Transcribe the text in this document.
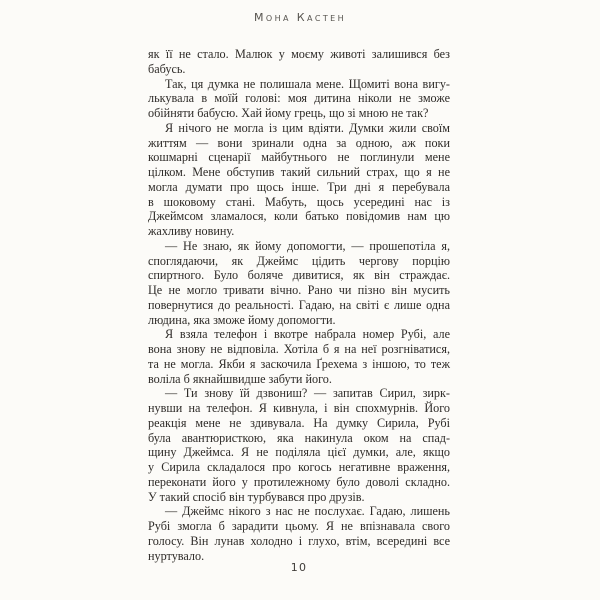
Мона Кастен
як її не стало. Малюк у моєму животі залишився без
бабусь.
Так, ця думка не полишала мене. Щомиті вона вигу-
лькувала в моїй голові: моя дитина ніколи не зможе
обійняти бабусю. Хай йому грець, що зі мною не так?
Я нічого не могла із цим вдіяти. Думки жили своїм
життям — вони зринали одна за одною, аж поки
кошмарні сценарії майбутнього не поглинули мене
цілком. Мене обступив такий сильний страх, що я не
могла думати про щось інше. Три дні я перебувала
в шоковому стані. Мабуть, щось усередині нас із
Джеймсом зламалося, коли батько повідомив нам цю
жахливу новину.
— Не знаю, як йому допомогти, — прошепотіла я,
споглядаючи, як Джеймс цідить чергову порцію
спиртного. Було боляче дивитися, як він страждає.
Це не могло тривати вічно. Рано чи пізно він мусить
повернутися до реальності. Гадаю, на світі є лише одна
людина, яка зможе йому допомогти.
Я взяла телефон і вкотре набрала номер Рубі, але
вона знову не відповіла. Хотіла б я на неї розгніватися,
та не могла. Якби я заскочила Ґрехема з іншою, то теж
воліла б якнайшвидше забути його.
— Ти знову їй дзвониш? — запитав Сирил, зирк-
нувши на телефон. Я кивнула, і він спохмурнів. Його
реакція мене не здивувала. На думку Сирила, Рубі
була авантюристкою, яка накинула оком на спад-
щину Джеймса. Я не поділяла цієї думки, але, якщо
у Сирила складалося про когось негативне враження,
переконати його у протилежному було доволі складно.
У такий спосіб він турбувався про друзів.
— Джеймс нікого з нас не послухає. Гадаю, лишень
Рубі змогла б зарадити цьому. Я не впізнавала свого
голосу. Він лунав холодно і глухо, втім, всередині все
нуртувало.
10
